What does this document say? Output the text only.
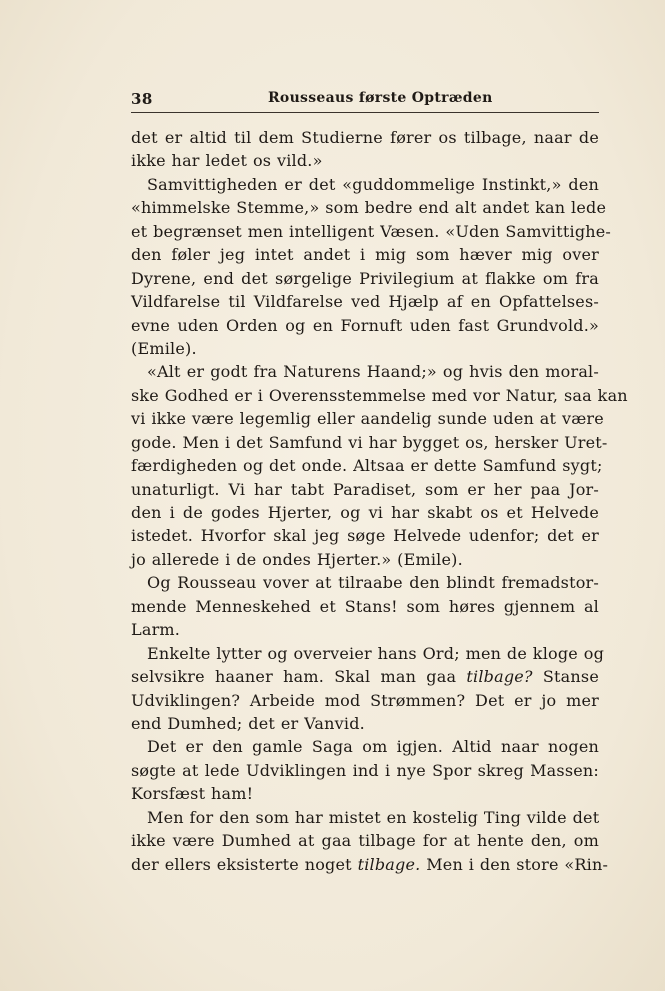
38	Rousseaus første Optræden
det er altid til dem Studierne fører os tilbage, naar de
ikke har ledet os vild.»
Samvittigheden er det «guddommelige Instinkt,» den
«himmelske Stemme,» som bedre end alt andet kan lede
et begrænset men intelligent Væsen. «Uden Samvittighe-
den føler jeg intet andet i mig som hæver mig over
Dyrene, end det sørgelige Privilegium at flakke om fra
Vildfarelse til Vildfarelse ved Hjælp af en Opfattelses-
evne uden Orden og en Fornuft uden fast Grundvold.»
(Emile).
«Alt er godt fra Naturens Haand;» og hvis den moral-
ske Godhed er i Overensstemmelse med vor Natur, saa kan
vi ikke være legemlig eller aandelig sunde uden at være
gode. Men i det Samfund vi har bygget os, hersker Uret-
færdigheden og det onde. Altsaa er dette Samfund sygt;
unaturligt. Vi har tabt Paradiset, som er her paa Jor-
den i de godes Hjerter, og vi har skabt os et Helvede
istedet. Hvorfor skal jeg søge Helvede udenfor; det er
jo allerede i de ondes Hjerter.» (Emile).
Og Rousseau vover at tilraabe den blindt fremadstor-
mende Menneskehed et Stans! som høres gjennem al
Larm.
Enkelte lytter og overveier hans Ord; men de kloge og
selvsikre haaner ham. Skal man gaa tilbage? Stanse
Udviklingen? Arbeide mod Strømmen? Det er jo mer
end Dumhed; det er Vanvid.
Det er den gamle Saga om igjen. Altid naar nogen
søgte at lede Udviklingen ind i nye Spor skreg Massen:
Korsfæst ham!
Men for den som har mistet en kostelig Ting vilde det
ikke være Dumhed at gaa tilbage for at hente den, om
der ellers eksisterte noget tilbage. Men i den store «Rin-
